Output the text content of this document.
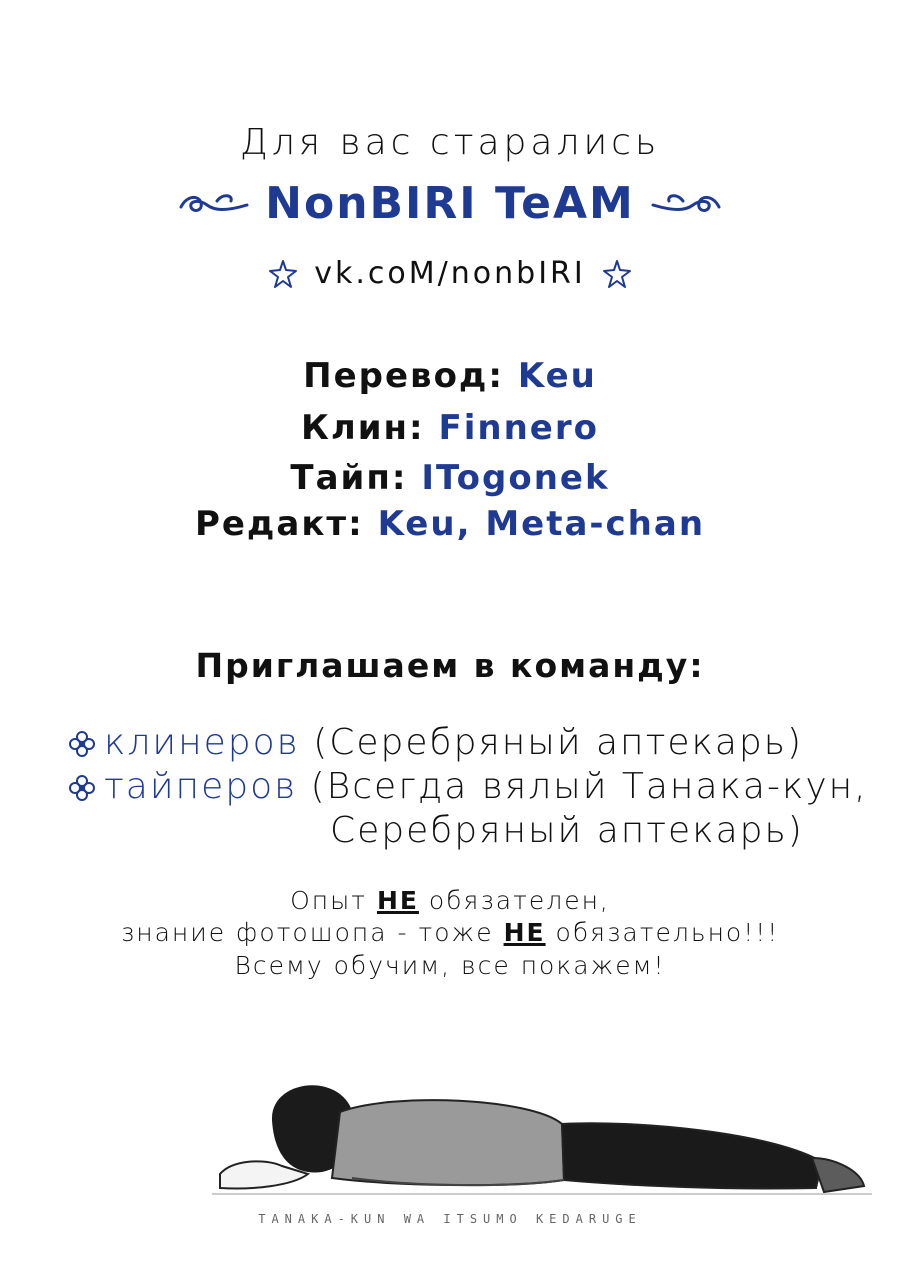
Для вас старались
NonBIRI TeAM
vk.coM/nonbIRI
Перевод: Keu
Клин: Finnero
Тайп: ITogonek
Редакт: Keu, Meta-chan
Приглашаем в команду:
клинеров (Серебряный аптекарь)
тайперов (Всегда вялый Танака-кун,
Серебряный аптекарь)
Опыт НЕ обязателен,
знание фотошопа - тоже НЕ обязательно!!!
Всему обучим, все покажем!
TANAKA-KUN WA ITSUMO KEDARUGE
